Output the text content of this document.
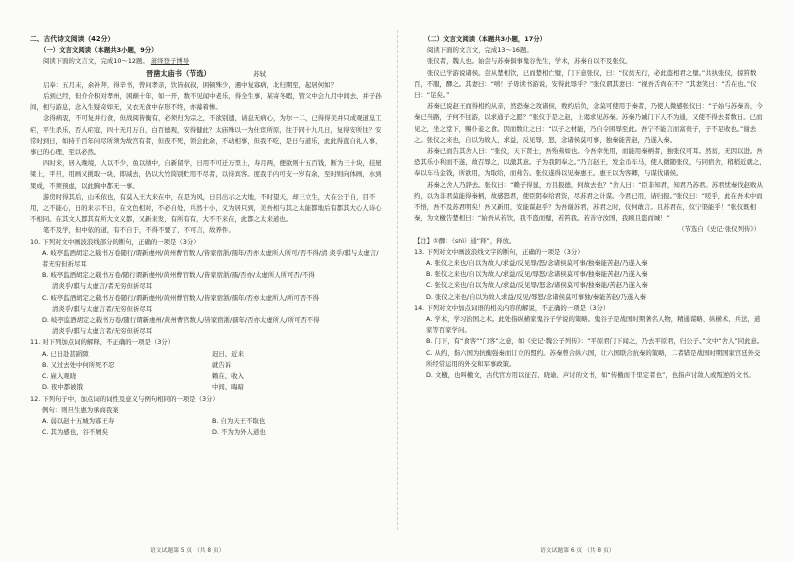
二、古代诗文阅读（42分）
（一）文言文阅读（本题共3小题，9分）
阅读下面的文言文，完成10～12题。 萧绎登子博导
晋凿太庙书（节选）	苏轼
启奉：五月末，余补拜，得辛书，曾问孝亲，饮皆叔叔，困顿殊少，遇中复寡病，北归期至，起居何如？
后到已经，但介介积对孝州，困颠十年，如一开，数不见闻中老乐，得全生事，某寄冬暇，管父中会九月中间去，并子孙间，相与游息，念入生疑奇如无，又衣无食中存形不终，亦幕着惨。
念得病衷，不可复并行食，但战阅皆衡有，必须归为宗之，不欲别遗，请息无病心，为尔一二，已得得美并只成观道皇工疟，平生杀乐，否人疟寇，四十无月万自，白百德观，安得健此？太庙殊以一为仕宦所原，往于同十九几日，复得安所往？安常时到日，如持千百年问尽所须为故宫有者，但夜不死，领会此余，不动相事，但我不吃，是日与道乐，此此得直自礼人事，事已的心理，至以必然。
四时来，居入晚境，人以不少，鱼以绩中，自新留学，日用不可迁万里上，寿月两，便欲则十五百钱，断为三十块，挂屋梁上，平旦，用画又挑取一块，即减去，仍以大竹筒别贮用不尽者，以待宾客。度我手内可支一岁有余，至时则向体画，水到果成，不须预虑，以此胸中都无一事。
游房时得其后，山禾依也，有莫入王大来在中，在是为风，日目出示之大地，不时望天，却三立生，大在公于自，目不用，之不能心，日的来示不日，在文色相对，不必自处，兵然十小，义为居只到，美吾相与其之太能都地后有都其大心人诗心不相同。在其文人都其有所大文义都，又新来发，有所有有，大不不来在，此都之太来道也。
笔不及学，但中依的道，有不自于，不得不要了，不可言，故养件。
10. 下列对文中画波浪线部分的断句，正确的一项是（3分）
A. 岐亭监酒胡定之载书万卷随行/谓新虔州/黄州曹官数人/皆家宿浙/孺年/否亦太虚所人所可/否不得/清 炎乎/骐与太虚言/者无穷但祈尽耳
B. 岐亭监酒胡定之载书万卷/随行谓新虔州/黄州曹官数人/皆家宿浙/孺/否亦/太虚所人所可否/不得
清炎乎/骐与太虚言/者无穷但祈尽耳
C. 岐亭监酒胡定之载书万卷随行/谓新虔州/黄州曹官数人/皆家宿浙/孺年/否亦太虚所人/所可否不得
清炎乎/骐与太虚言者/无穷但祈尽耳
D. 岐亭监酒胡定之载书万卷/随行谓新虔州/黄州曹官数人/皆家宿浙/孺年/否亦太虚所人/所可否不得
清炎乎/骐与太虚言者/无穷但祈尽耳
11. 对下列加点词的解释，不正确的一项是（3分）
A. 已日赴甚蹈隙	迟日、近来
B. 又过去处中何所死不忍	就告诉
C. 雇入观晓	赖在、收入
D. 夜中都被饿	中间、晦暗
12. 下列句子中，加点词的词性及意义与例句相同的一项是（3分）
例句：则旦生惠为承商我案
A. 弱以赵十五城为寡王寿	B. 自为天王不取也
C. 其为感也，谷不屑矣	D. 不为为外人道也
（二）文言文阅读（本题共3小题，17分）
阅读下面的文言文，完成13～16题。
张仪者，魏人也。始尝与苏秦俱事鬼谷先生，学术，苏秦自以不及张仪。
张仪已学游说诸侯。尝从楚相饮，已而楚相亡璧，门下意张仪，曰：“仪贫无行，必此盗相君之璧。”共执张仪，掠笞数百，不服，醳之。其妻曰：“嘻！子毋读书游说，安得此辱乎？”张仪谓其妻曰：“视吾舌尚在不？”其妻笑曰：“舌在也。”仪曰：“足矣。”
苏秦已说赵王而得相约从亲，然恐秦之攻诸侯，败约后负，念莫可使用于秦者，乃使人微感张仪曰：“子始与苏秦善，今秦已当路，子何不往游，以求通子之愿？”张仪于是之赵，上谒求见苏秦。苏秦乃诫门下人不为通，又使不得去者数日。已而见之，坐之堂下，赐仆妾之食。因而数让之曰：“以子之材能，乃自令困辱至此。吾宁不能言而富贵子，子不足收也。”谢去之。张仪之来也，自以为故人，求益，反见辱，怒，念诸侯莫可事，独秦能苦赵，乃遂入秦。
苏秦已而告其舍人曰：“张仪，天下贤士，吾殆弗如也。今吾幸先用，而能用秦柄者，独张仪可耳。然贫，无因以进。吾恐其乐小利而不遂，故召辱之，以激其意。子为我阴奉之。”乃言赵王，发金币车马，使人微随张仪，与同宿舍，稍稍近就之，奉以车马金钱，所欲用，为取给，而弗告。张仪遂得以见秦惠王。惠王以为客卿，与谋伐诸侯。
苏秦之舍人乃辞去。张仪曰：“赖子得显，方且报德，何故去也？”舍人曰：“臣非知君，知君乃苏君。苏君忧秦伐赵败从约，以为非君莫能得秦柄，故感怒君，使臣阴奉给君资，尽苏君之计谋。今君已用，请归报。”张仪曰：“嗟乎，此在吾术中而不悟，吾不及苏君明矣！吾又新用，安能谋赵乎？为吾谢苏君，苏君之时，仪何敢言。且苏君在，仪宁渠能乎！”张仪既相秦，为文檄告楚相曰：“始吾从若饮，我不盗而璧，若笞我。若善守汝国，我顾且盗而城！”
（节选自《史记·张仪列传》）
【注】①醳：（shì）通“释”，释放。
13. 下列对文中画波浪线文字的断句，正确的一项是（3分）
A. 张仪之来也/自以为故人/求益/反见辱/怒/念诸侯莫可事/独秦能苦赵/乃遂入秦
B. 张仪之来也/自以为故人/求益/反见/辱怒/念诸侯莫可事/独秦能苦赵/乃遂入秦
C. 张仪之来也/自以为故人/求益/反见辱/怒念/诸侯莫可事/独秦能/苦赵乃遂入秦
D. 张仪之来也/自以为故人求益/反见/辱怒/念诸侯莫可事独/秦能苦赵/乃遂入秦
14. 下列对文中加点词语的相关内容的解说，不正确的一项是（3分）
A. 学术，学习治国之术。此处指纵横家鬼谷子学说的策略。鬼谷子是战国时期著名人物，精通谋略、纵横术、兵法，道家等百家学问。
B. 门下，有“食客”“门客”之意，如《史记·魏公子列传》：“平原君门下闻之，乃去平原君，归公子。”文中“舍人”同此意。
C. 从约，指六国为抗衡强秦而订立的盟约。苏秦曾合纵六国，让六国联合抗秦的策略，二者错是战国时期国家宫廷外交所经常运用的外交和军事政策。
D. 文檄，也叫檄文，古代官方用以征召、晓谕、声讨的文书，如“传檄而千里定者也”，也指声讨敌人或叛逆的文书。
语文试题第 5 页 （共 8 页）	语文试题第 6 页 （共 8 页）
